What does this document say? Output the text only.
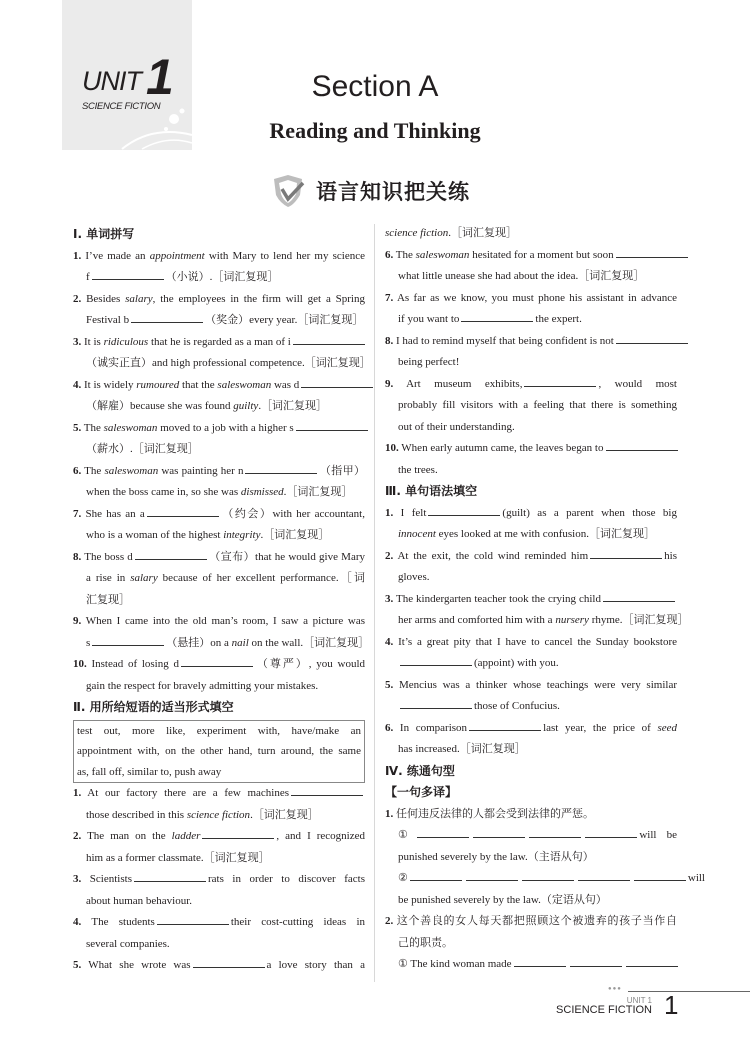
UNIT 1
SCIENCE FICTION
Section A
Reading and Thinking
语言知识把关练
Ⅰ. 单词拼写
1. I’ve made an appointment with Mary to lend her my science
f	（小说）.［词汇复现］
2. Besides salary, the employees in the firm will get a Spring
Festival b	（奖金）every year.［词汇复现］
3. It is ridiculous that he is regarded as a man of i
（诚实正直）and high professional competence.［词汇复现］
4. It is widely rumoured that the saleswoman was d
（解雇）because she was found guilty.［词汇复现］
5. The saleswoman moved to a job with a higher s
（薪水）.［词汇复现］
6. The saleswoman was painting her n	（指甲）
when the boss came in, so she was dismissed.［词汇复现］
7. She has an a	（约会）with her accountant,
who is a woman of the highest integrity.［词汇复现］
8. The boss d	（宣布）that he would give Mary
a rise in salary because of her excellent performance.［词
汇复现］
9. When I came into the old man’s room, I saw a picture was
s	（悬挂）on a nail on the wall.［词汇复现］
10. Instead of losing d	（尊严）, you would
gain the respect for bravely admitting your mistakes.
Ⅱ. 用所给短语的适当形式填空
test out, more like, experiment with, have/make an
appointment with, on the other hand, turn around, the same
as, fall off, similar to, push away
1. At our factory there are a few machines
those described in this science fiction.［词汇复现］
2. The man on the ladder	, and I recognized
him as a former classmate.［词汇复现］
3. Scientists	rats in order to discover facts
about human behaviour.
4. The students	their cost-cutting ideas in
several companies.
5. What she wrote was	a love story than a
science fiction.［词汇复现］
6. The saleswoman hesitated for a moment but soon
what little unease she had about the idea.［词汇复现］
7. As far as we know, you must phone his assistant in advance
if you want to	the expert.
8. I had to remind myself that being confident is not
being perfect!
9. Art museum exhibits,	, would most
probably fill visitors with a feeling that there is something
out of their understanding.
10. When early autumn came, the leaves began to
the trees.
Ⅲ. 单句语法填空
1. I felt	(guilt) as a parent when those big
innocent eyes looked at me with confusion.［词汇复现］
2. At the exit, the cold wind reminded him	his
gloves.
3. The kindergarten teacher took the crying child
her arms and comforted him with a nursery rhyme.［词汇复现］
4. It’s a great pity that I have to cancel the Sunday bookstore
(appoint) with you.
5. Mencius was a thinker whose teachings were very similar
those of Confucius.
6. In comparison	last year, the price of seed
has increased.［词汇复现］
Ⅳ. 练通句型
【一句多译】
1. 任何违反法律的人都会受到法律的严惩。
①	will be
punished severely by the law.（主语从句）
②	will
be punished severely by the law.（定语从句）
2. 这个善良的女人每天都把照顾这个被遗弃的孩子当作自
己的职责。
① The kind woman made
●●●
UNIT 1
SCIENCE FICTION 1
